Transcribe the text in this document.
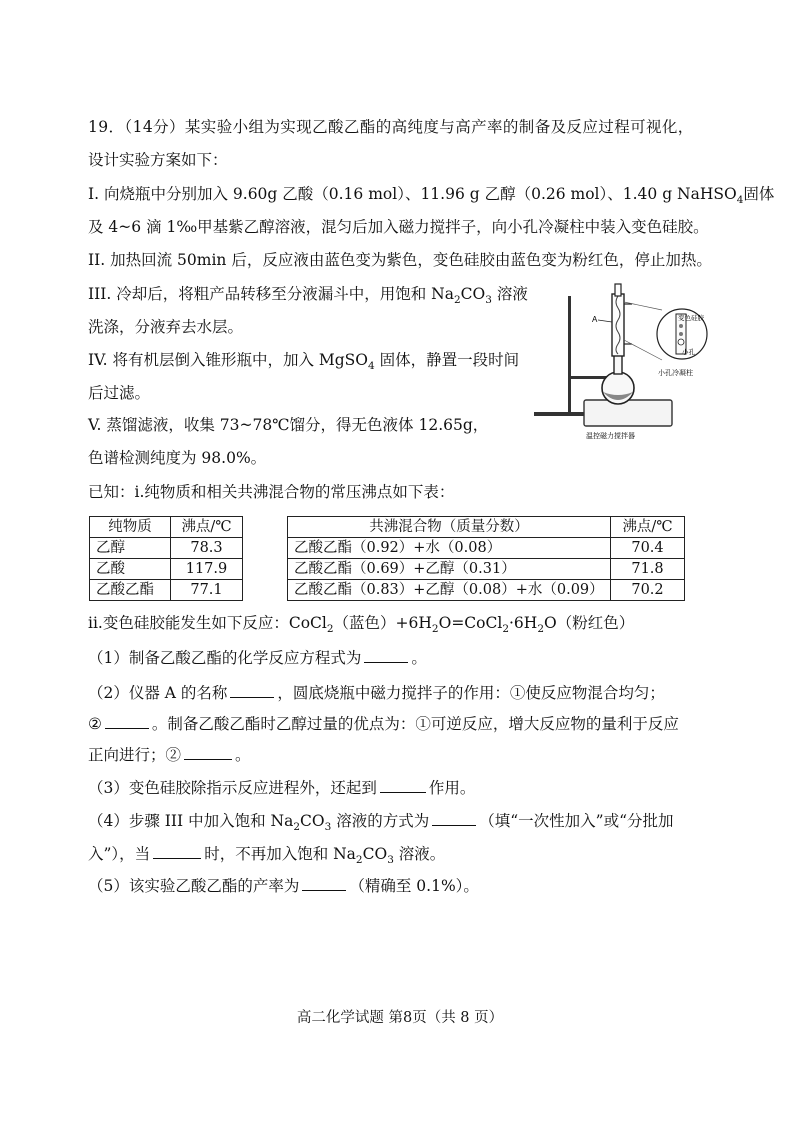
19．（14分）某实验小组为实现乙酸乙酯的高纯度与高产率的制备及反应过程可视化，
设计实验方案如下：
I. 向烧瓶中分别加入 9.60g 乙酸（0.16 mol）、11.96 g 乙醇（0.26 mol）、1.40 g NaHSO$_4$固体
及 4~6 滴 1‰甲基紫乙醇溶液，混匀后加入磁力搅拌子，向小孔冷凝柱中装入变色硅胶。
II. 加热回流 50min 后，反应液由蓝色变为紫色，变色硅胶由蓝色变为粉红色，停止加热。
III. 冷却后，将粗产品转移至分液漏斗中，用饱和 $Na_2CO_3$ 溶液
洗涤，分液弃去水层。
IV. 将有机层倒入锥形瓶中，加入 MgSO$_4$ 固体，静置一段时间
后过滤。
V. 蒸馏滤液，收集 73~78℃馏分，得无色液体 12.65g，
色谱检测纯度为 98.0%。
已知：i.纯物质和相关共沸混合物的常压沸点如下表：
A	变色硅胶
小孔
小孔冷凝柱
温控磁力搅拌器
纯物质	沸点/℃
乙醇	78.3
乙酸	117.9
乙酸乙酯	77.1
共沸混合物（质量分数）	沸点/℃
乙酸乙酯（0.92）+水（0.08）	70.4
乙酸乙酯（0.69）+乙醇（0.31）	71.8
乙酸乙酯（0.83）+乙醇（0.08）+水（0.09）	70.2
ii.变色硅胶能发生如下反应：CoCl$_2$（蓝色）$+6H_2O=CoCl_2\cdot 6H_2O$（粉红色）
（1）制备乙酸乙酯的化学反应方程式为	。
（2）仪器 A 的名称	，圆底烧瓶中磁力搅拌子的作用：①使反应物混合均匀；
②	。制备乙酸乙酯时乙醇过量的优点为：①可逆反应，增大反应物的量利于反应
正向进行；②	。
（3）变色硅胶除指示反应进程外，还起到	作用。
（4）步骤 III 中加入饱和 $Na_2CO_3$ 溶液的方式为	（填“一次性加入”或“分批加
入”），当	时，不再加入饱和 $Na_2CO_3$ 溶液。
（5）该实验乙酸乙酯的产率为	（精确至 0.1%）。
高二化学试题 第8页（共 8 页）
